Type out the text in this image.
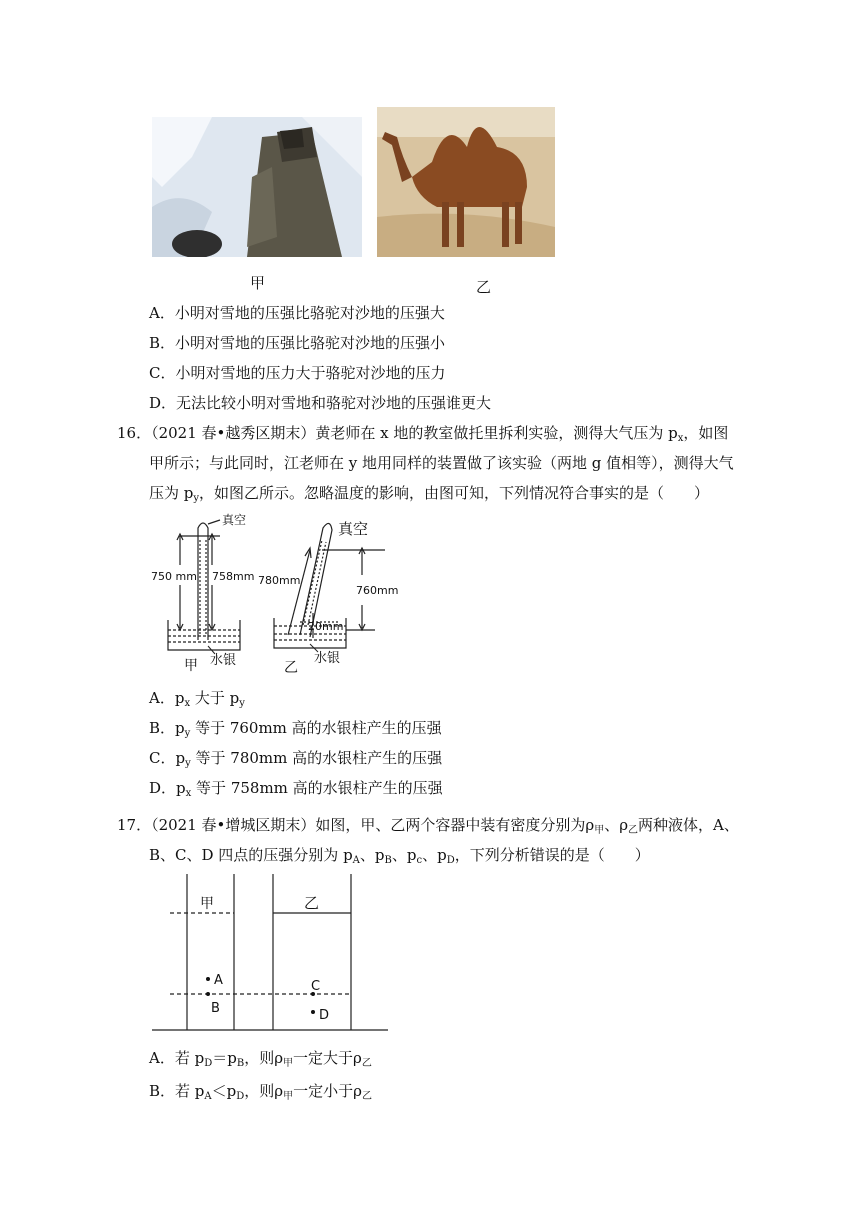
甲	乙
A．小明对雪地的压强比骆驼对沙地的压强大
B．小明对雪地的压强比骆驼对沙地的压强小
C．小明对雪地的压力大于骆驼对沙地的压力
D．无法比较小明对雪地和骆驼对沙地的压强谁更大
16．（2021 春•越秀区期末）黄老师在 x 地的教室做托里拆利实验，测得大气压为 $p_x$，如图
甲所示；与此同时，江老师在 y 地用同样的装置做了该实验（两地 g 值相等），测得大气
压为 $p_y$，如图乙所示。忽略温度的影响，由图可知，下列情况符合事实的是（　　）
真空
750 mm 758mm
水银
甲
真空
780mm
760mm
20mm
水银
乙
A．$p_x$ 大于 $p_y$
B．$p_y$ 等于 760mm 高的水银柱产生的压强
C．$p_y$ 等于 780mm 高的水银柱产生的压强
D．$p_x$ 等于 758mm 高的水银柱产生的压强
17．（2021 春•增城区期末）如图，甲、乙两个容器中装有密度分别为$\rho_甲$、$\rho_乙$两种液体，A、
B、C、D 四点的压强分别为 $p_A$、$p_B$、$p_c$、$p_D$，下列分析错误的是（　　）
甲	乙
A
B
C
D
A．若 $p_D=p_B$，则$\rho_甲$一定大于$\rho_乙$
B．若 $p_A<p_D$，则$\rho_甲$一定小于$\rho_乙$
